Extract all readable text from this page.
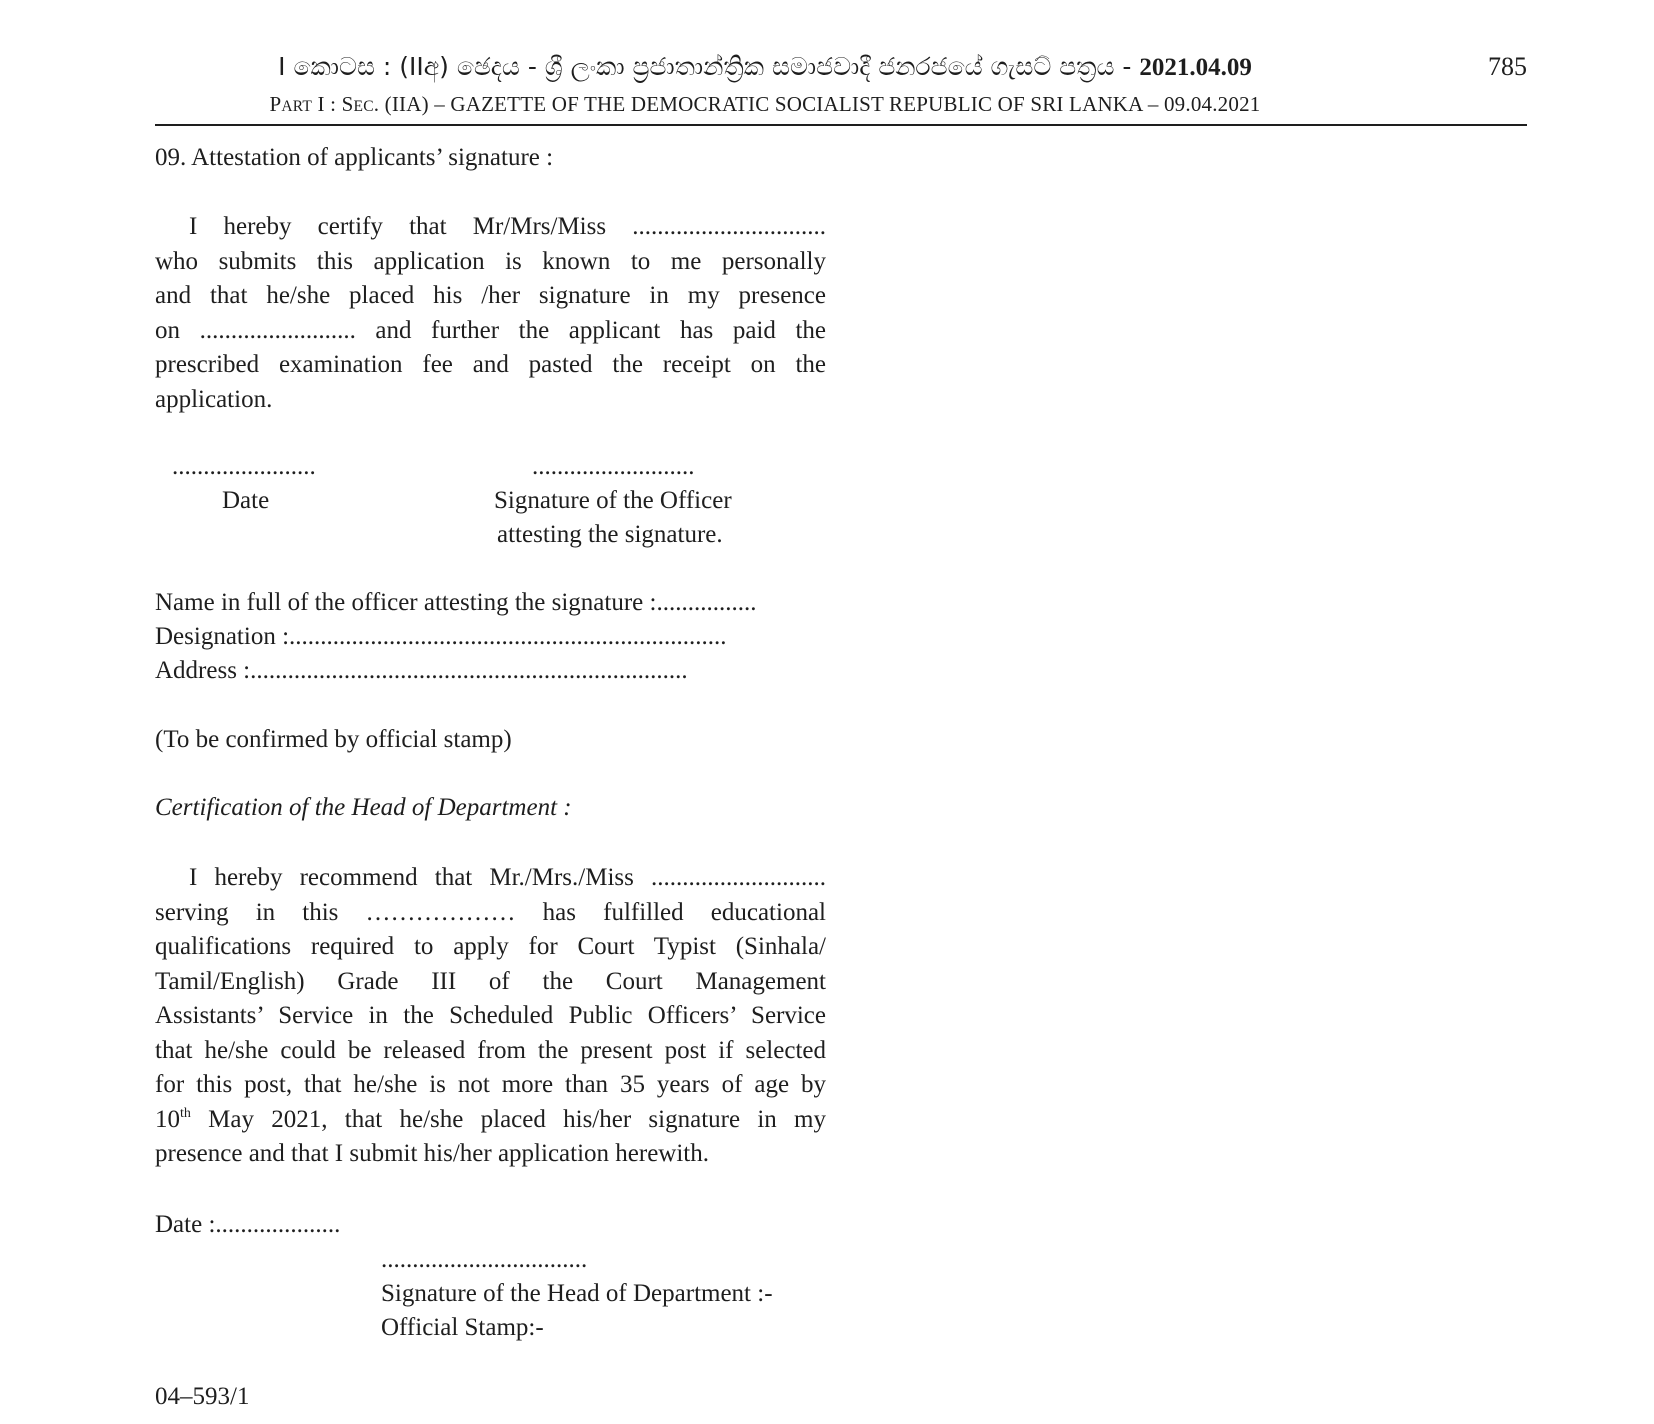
I කොටස : (IIඅ) ඡෙදය - ශ්‍රී ලංකා ප්‍රජාතාන්ත්‍රික සමාජවාදී ජනරජයේ ගැසට් පත්‍රය - 2021.04.09
PART I : SEC. (IIA) – GAZETTE OF THE DEMOCRATIC SOCIALIST REPUBLIC OF SRI LANKA – 09.04.2021
785
09. Attestation of applicants’ signature :
I hereby certify that Mr/Mrs/Miss ...............................
who submits this application is known to me personally
and that he/she placed his /her signature in my presence
on ......................... and further the applicant has paid the
prescribed examination fee and pasted the receipt on the
application.
.......................
Date
..........................
Signature of the Officer
attesting the signature.
Name in full of the officer attesting the signature :................
Designation :......................................................................
Address :......................................................................
(To be confirmed by official stamp)
Certification of the Head of Department :
I hereby recommend that Mr./Mrs./Miss ............................
serving  in  this  ………………  has  fulfilled  educational
qualifications required to apply for Court Typist (Sinhala/
Tamil/English)  Grade  III  of  the  Court  Management
Assistants’ Service in the Scheduled Public Officers’ Service
that he/she could be released from the present post if selected
for this post, that he/she is not more than 35 years of age by
10th May 2021, that he/she placed his/her signature in my
presence and that I submit his/her application herewith.
Date :....................
.................................
Signature of the Head of Department :-
Official Stamp:-
04–593/1
